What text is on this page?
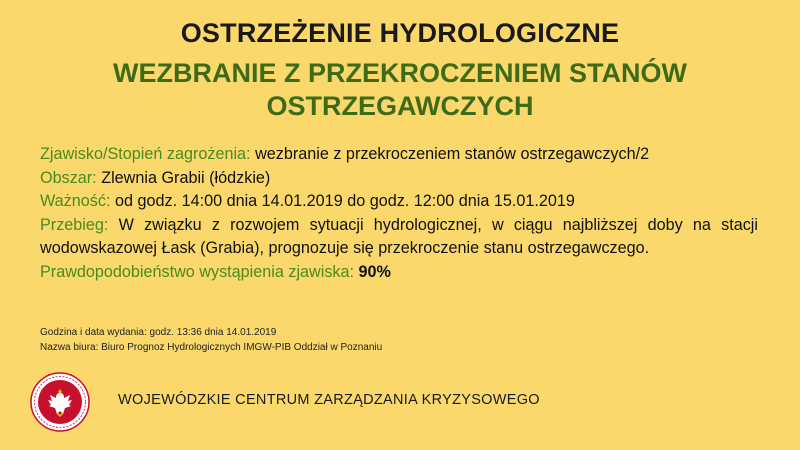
OSTRZEŻENIE HYDROLOGICZNE
WEZBRANIE Z PRZEKROCZENIEM STANÓW
OSTRZEGAWCZYCH

Zjawisko/Stopień zagrożenia: wezbranie z przekroczeniem stanów ostrzegawczych/2

Obszar: Zlewnia Grabii (łódzkie)

Ważność: od godz. 14:00 dnia 14.01.2019 do godz. 12:00 dnia 15.01.2019

Przebieg: W związku z rozwojem sytuacji hydrologicznej, w ciągu najbliższej doby na stacji wodowskazowej Łask (Grabia), prognozuje się przekroczenie stanu ostrzegawczego.

Prawdopodobieństwo wystąpienia zjawiska: 90%

Godzina i data wydania: godz. 13:36 dnia 14.01.2019
Nazwa biura: Biuro Prognoz Hydrologicznych IMGW-PIB Oddział w Poznaniu
WOJEWÓDZKIE CENTRUM ZARZĄDZANIA KRYZYSOWEGO
